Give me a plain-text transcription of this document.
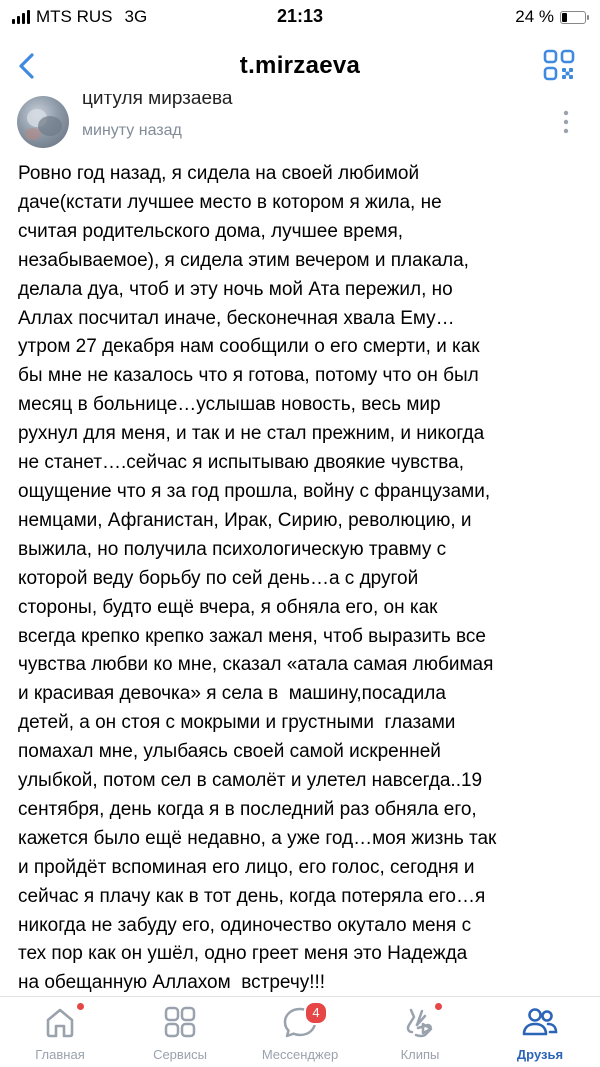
MTS RUS 3G	21:13	24 %
t.mirzaeva
цитуля мирзаева
минуту назад
Ровно год назад, я сидела на своей любимой
даче(кстати лучшее место в котором я жила, не
считая родительского дома, лучшее время,
незабываемое), я сидела этим вечером и плакала,
делала дуа, чтоб и эту ночь мой Ата пережил, но
Аллах посчитал иначе, бесконечная хвала Ему…
утром 27 декабря нам сообщили о его смерти, и как
бы мне не казалось что я готова, потому что он был
месяц в больнице…услышав новость, весь мир
рухнул для меня, и так и не стал прежним, и никогда
не станет….сейчас я испытываю двоякие чувства,
ощущение что я за год прошла, войну с французами,
немцами, Афганистан, Ирак, Сирию, революцию, и
выжила, но получила психологическую травму с
которой веду борьбу по сей день…а с другой
стороны, будто ещё вчера, я обняла его, он как
всегда крепко крепко зажал меня, чтоб выразить все
чувства любви ко мне, сказал «атала самая любимая
и красивая девочка» я села в  машину,посадила
детей, а он стоя с мокрыми и грустными  глазами
помахал мне, улыбаясь своей самой искренней
улыбкой, потом сел в самолёт и улетел навсегда..19
сентября, день когда я в последний раз обняла его,
кажется было ещё недавно, а уже год…моя жизнь так
и пройдёт вспоминая его лицо, его голос, сегодня и
сейчас я плачу как в тот день, когда потеряла его…я
никогда не забуду его, одиночество окутало меня с
тех пор как он ушёл, одно греет меня это Надежда
на обещанную Аллахом  встречу!!!
Главная	Сервисы
4
Мессенджер	Клипы	Друзья
